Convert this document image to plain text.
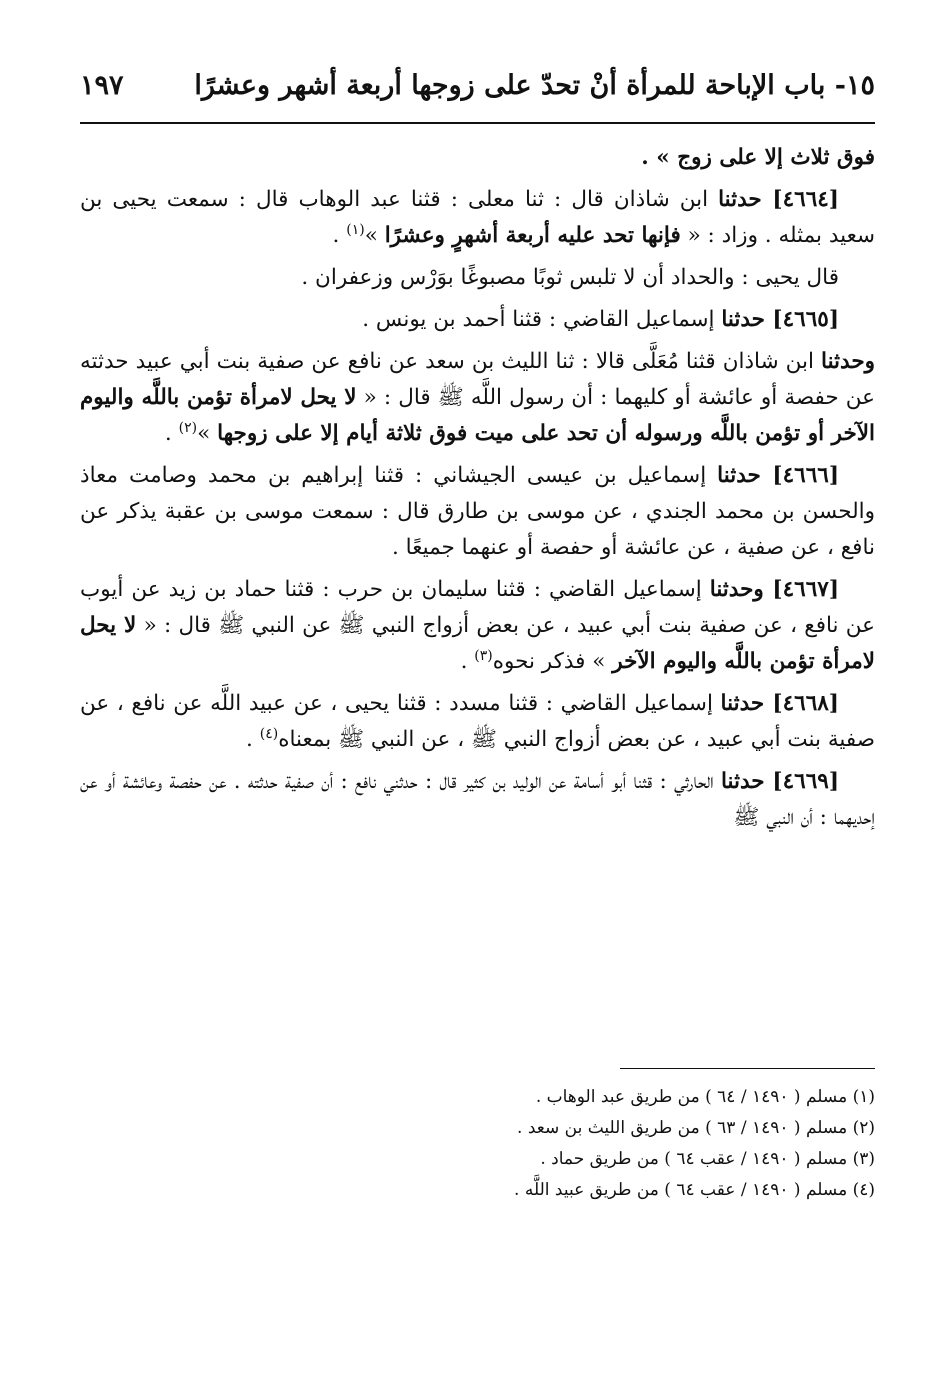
١٥- باب الإباحة للمرأة أنْ تحدّ على زوجها أربعة أشهر وعشرًا
١٩٧

فوق ثلاث إلا على زوج » .

[٤٦٦٤] حدثنا ابن شاذان قال : ثنا معلى : قثنا عبد الوهاب قال : سمعت يحيى بن سعيد بمثله . وزاد : « فإنها تحد عليه أربعة أشهرٍ وعشرًا »$^{(١)}$ .

قال يحيى : والحداد أن لا تلبس ثوبًا مصبوغًا بوَرْس وزعفران .

[٤٦٦٥] حدثنا إسماعيل القاضي : قثنا أحمد بن يونس .

وحدثنا ابن شاذان قثنا مُعَلَّى قالا : ثنا الليث بن سعد عن نافع عن صفية بنت أبي عبيد حدثته عن حفصة أو عائشة أو كليهما : أن رسول اللَّه ﷺ قال : « لا يحل لامرأة تؤمن باللَّه واليوم الآخر أو تؤمن باللَّه ورسوله أن تحد على ميت فوق ثلاثة أيام إلا على زوجها »$^{(٢)}$ .

[٤٦٦٦] حدثنا إسماعيل بن عيسى الجيشاني : قثنا إبراهيم بن محمد وصامت معاذ والحسن بن محمد الجندي ، عن موسى بن طارق قال : سمعت موسى بن عقبة يذكر عن نافع ، عن صفية ، عن عائشة أو حفصة أو عنهما جميعًا .

[٤٦٦٧] وحدثنا إسماعيل القاضي : قثنا سليمان بن حرب : قثنا حماد بن زيد عن أيوب عن نافع ، عن صفية بنت أبي عبيد ، عن بعض أزواج النبي ﷺ عن النبي ﷺ قال : « لا يحل لامرأة تؤمن باللَّه واليوم الآخر » فذكر نحوه$^{(٣)}$ .

[٤٦٦٨] حدثنا إسماعيل القاضي : قثنا مسدد : قثنا يحيى ، عن عبيد اللَّه عن نافع ، عن صفية بنت أبي عبيد ، عن بعض أزواج النبي ﷺ ، عن النبي ﷺ بمعناه$^{(٤)}$ .

[٤٦٦٩] حدثنا الحارثي : قثنا أبو أسامة عن الوليد بن كثير قال : حدثني نافع : أن صفية حدثته . عن حفصة وعائشة أو عن إحديهما : أن النبي ﷺ

(١) مسلم ( ١٤٩٠ / ٦٤ ) من طريق عبد الوهاب .

(٢) مسلم ( ١٤٩٠ / ٦٣ ) من طريق الليث بن سعد .

(٣) مسلم ( ١٤٩٠ / عقب ٦٤ ) من طريق حماد .

(٤) مسلم ( ١٤٩٠ / عقب ٦٤ ) من طريق عبيد اللَّه .
